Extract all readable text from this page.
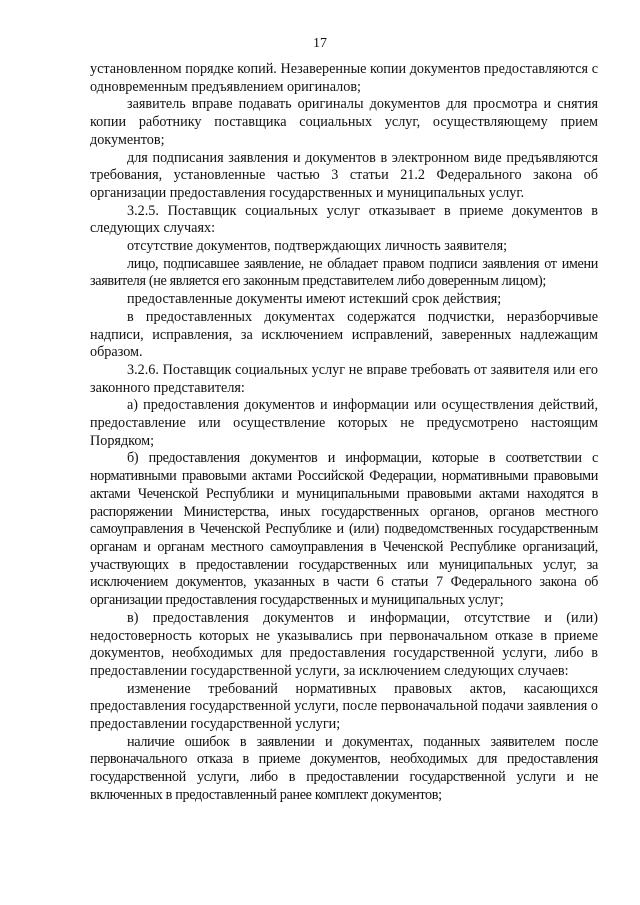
17

установленном порядке копий. Незаверенные копии документов предоставляются с одновременным предъявлением оригиналов;

заявитель вправе подавать оригиналы документов для просмотра и снятия копии работнику поставщика социальных услуг, осуществляющему прием документов;

для подписания заявления и документов в электронном виде предъявляются требования, установленные частью 3 статьи 21.2 Федерального закона об организации предоставления государственных и муниципальных услуг.

3.2.5. Поставщик социальных услуг отказывает в приеме документов в следующих случаях:

отсутствие документов, подтверждающих личность заявителя;

лицо, подписавшее заявление, не обладает правом подписи заявления от имени заявителя (не является его законным представителем либо доверенным лицом);

предоставленные документы имеют истекший срок действия;

в предоставленных документах содержатся подчистки, неразборчивые надписи, исправления, за исключением исправлений, заверенных надлежащим образом.

3.2.6. Поставщик социальных услуг не вправе требовать от заявителя или его законного представителя:

а) предоставления документов и информации или осуществления действий, предоставление или осуществление которых не предусмотрено настоящим Порядком;

б) предоставления документов и информации, которые в соответствии с нормативными правовыми актами Российской Федерации, нормативными правовыми актами Чеченской Республики и муниципальными правовыми актами находятся в распоряжении Министерства, иных государственных органов, органов местного самоуправления в Чеченской Республике и (или) подведомственных государственным органам и органам местного самоуправления в Чеченской Республике организаций, участвующих в предоставлении государственных или муниципальных услуг, за исключением документов, указанных в части 6 статьи 7 Федерального закона об организации предоставления государственных и муниципальных услуг;

в) предоставления документов и информации, отсутствие и (или) недостоверность которых не указывались при первоначальном отказе в приеме документов, необходимых для предоставления государственной услуги, либо в предоставлении государственной услуги, за исключением следующих случаев:

изменение требований нормативных правовых актов, касающихся предоставления государственной услуги, после первоначальной подачи заявления о предоставлении государственной услуги;

наличие ошибок в заявлении и документах, поданных заявителем после первоначального отказа в приеме документов, необходимых для предоставления государственной услуги, либо в предоставлении государственной услуги и не включенных в предоставленный ранее комплект документов;
